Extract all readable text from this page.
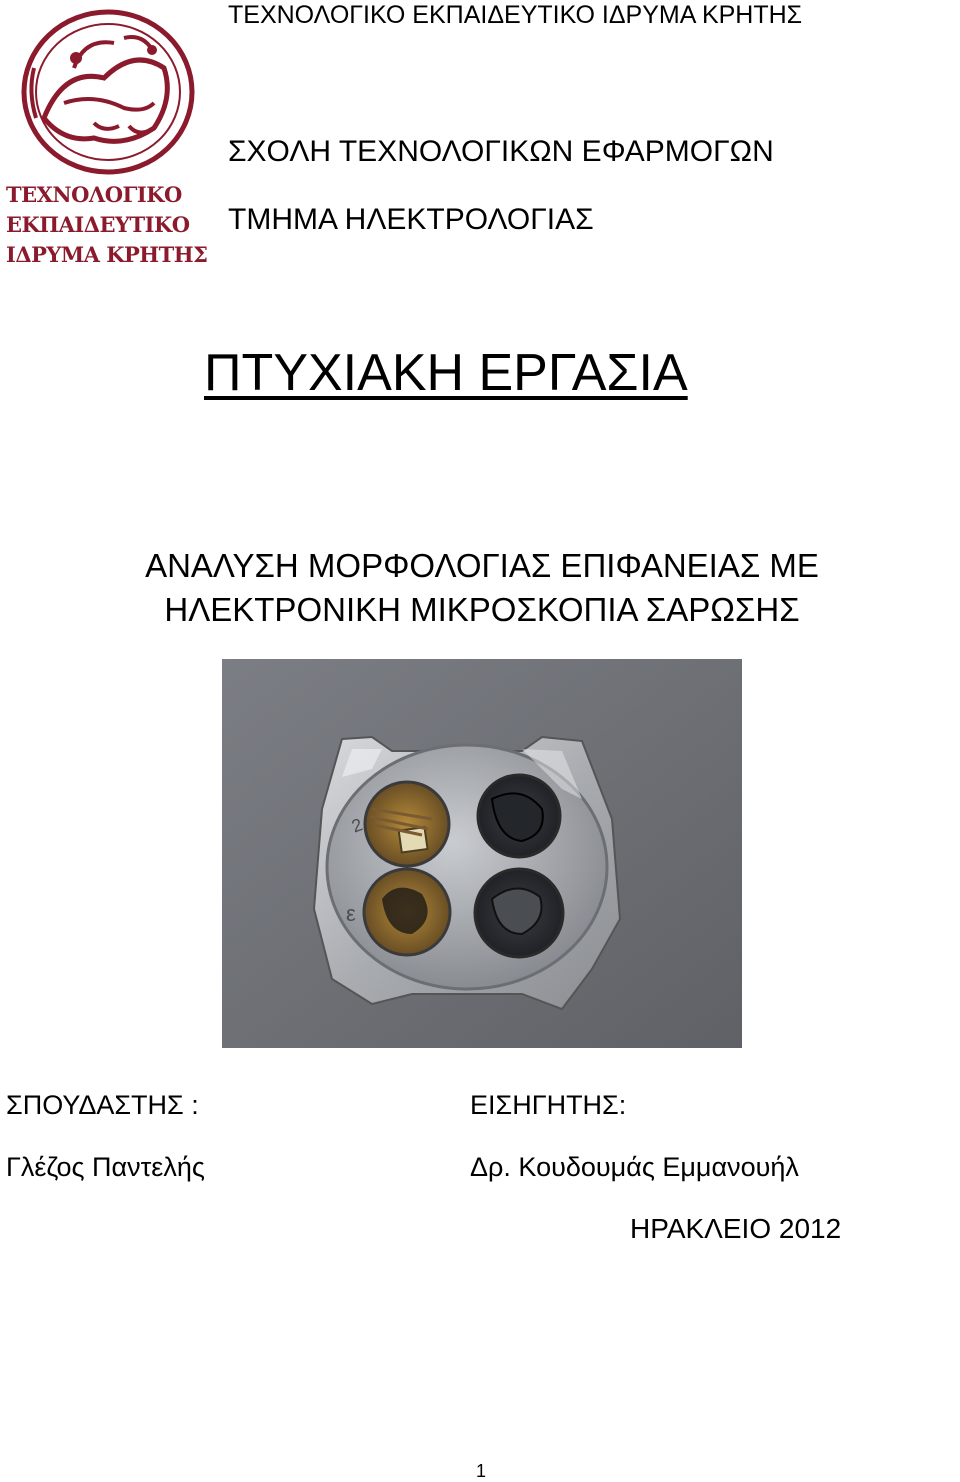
ΤΕΧΝΟΛΟΓΙΚΟ
ΕΚΠΑΙΔΕΥΤΙΚΟ
ΙΔΡΥΜΑ ΚΡΗΤΗΣ
ΤΕΧΝΟΛΟΓΙΚΟ ΕΚΠΑΙΔΕΥΤΙΚΟ ΙΔΡΥΜΑ ΚΡΗΤΗΣ
ΣΧΟΛΗ ΤΕΧΝΟΛΟΓΙΚΩΝ ΕΦΑΡΜΟΓΩΝ
ΤΜΗΜΑ ΗΛΕΚΤΡΟΛΟΓΙΑΣ
ΠΤΥΧΙΑΚΗ ΕΡΓΑΣΙΑ
ΑΝΑΛΥΣΗ ΜΟΡΦΟΛΟΓΙΑΣ ΕΠΙΦΑΝΕΙΑΣ ΜΕ
ΗΛΕΚΤΡΟΝΙΚΗ ΜΙΚΡΟΣΚΟΠΙΑ ΣΑΡΩΣΗΣ
2
ε
ΣΠΟΥΔΑΣΤΗΣ :
Γλέζος Παντελής
ΕΙΣΗΓΗΤΗΣ:
Δρ. Κουδουμάς Εμμανουήλ
ΗΡΑΚΛΕΙΟ 2012
1
